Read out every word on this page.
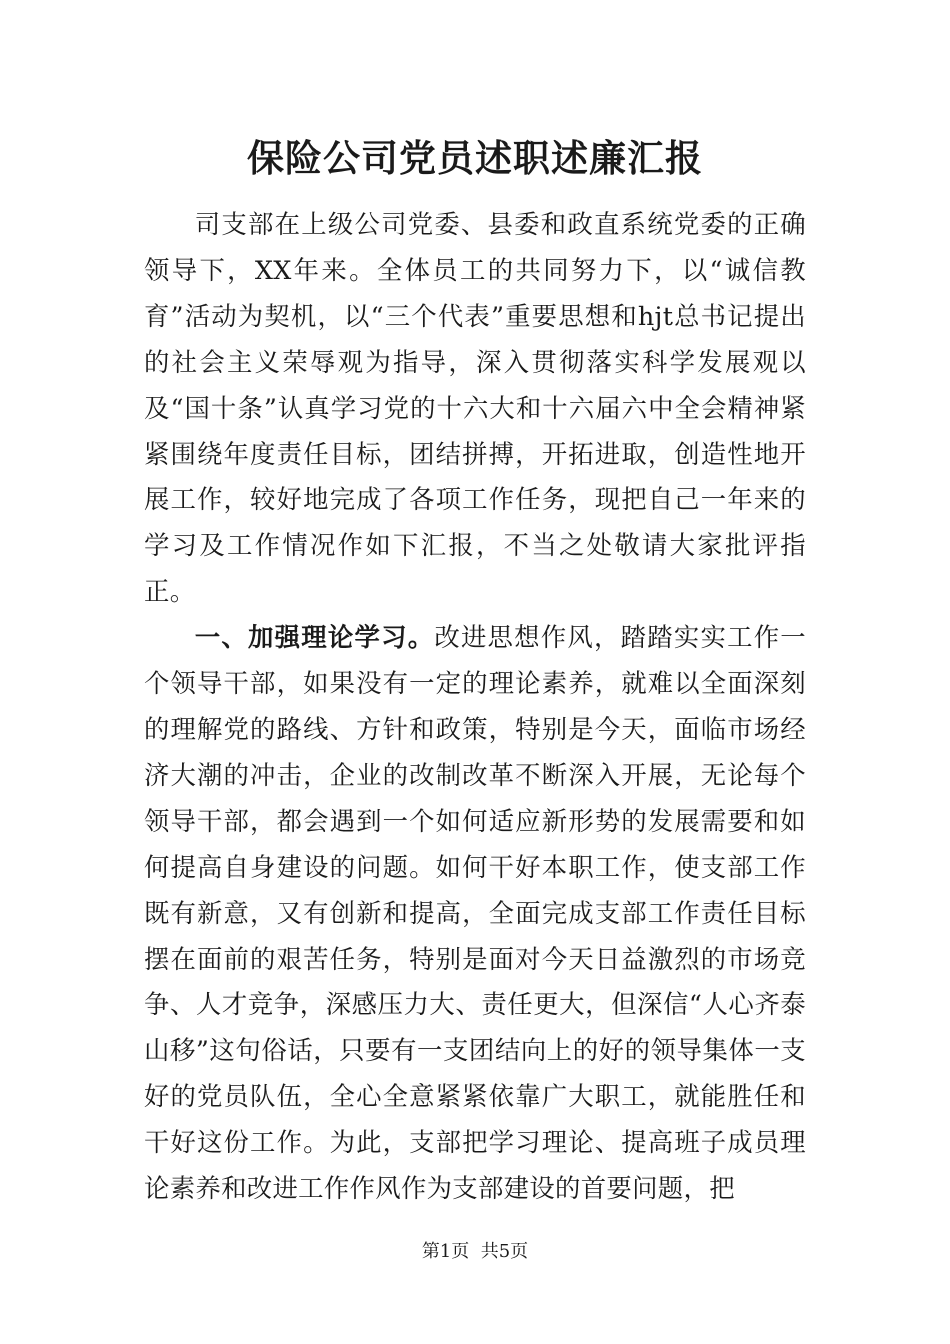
保险公司党员述职述廉汇报

司支部在上级公司党委、县委和政直系统党委的正确领导下，XX年来。全体员工的共同努力下，以“诚信教育”活动为契机，以“三个代表”重要思想和hjt总书记提出的社会主义荣辱观为指导，深入贯彻落实科学发展观以及“国十条”认真学习党的十六大和十六届六中全会精神紧紧围绕年度责任目标，团结拼搏，开拓进取，创造性地开展工作，较好地完成了各项工作任务，现把自己一年来的学习及工作情况作如下汇报，不当之处敬请大家批评指正。

一、加强理论学习。改进思想作风，踏踏实实工作一个领导干部，如果没有一定的理论素养，就难以全面深刻的理解党的路线、方针和政策，特别是今天，面临市场经济大潮的冲击，企业的改制改革不断深入开展，无论每个领导干部，都会遇到一个如何适应新形势的发展需要和如何提高自身建设的问题。如何干好本职工作，使支部工作既有新意，又有创新和提高，全面完成支部工作责任目标摆在面前的艰苦任务，特别是面对今天日益激烈的市场竞争、人才竞争，深感压力大、责任更大，但深信“人心齐泰山移”这句俗话，只要有一支团结向上的好的领导集体一支好的党员队伍，全心全意紧紧依靠广大职工，就能胜任和干好这份工作。为此，支部把学习理论、提高班子成员理论素养和改进工作作风作为支部建设的首要问题，把

第1页 共5页
